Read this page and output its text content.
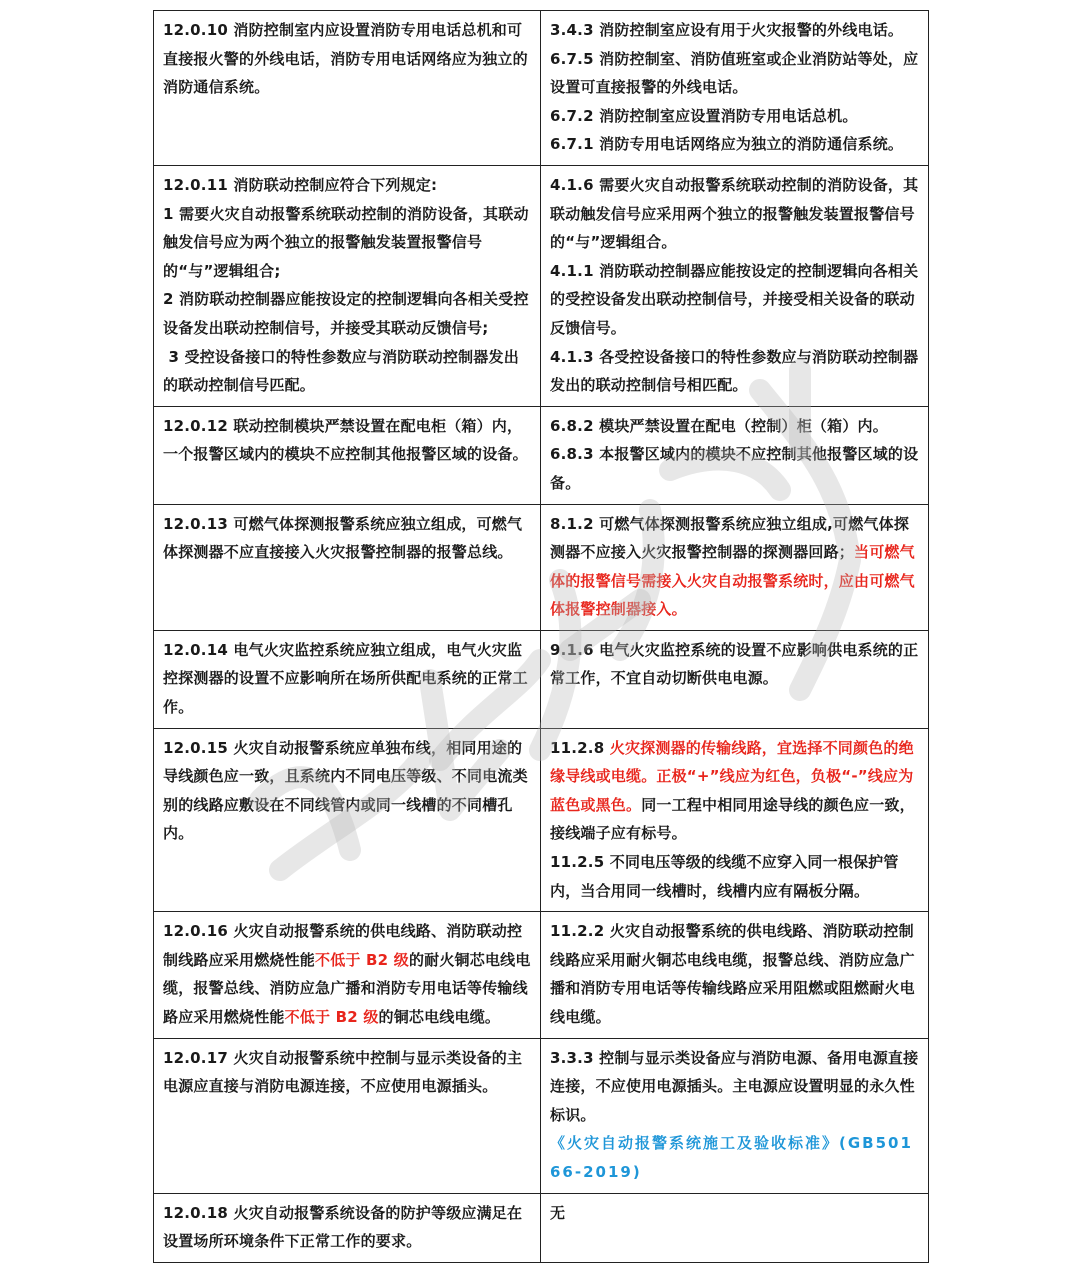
12.0.10 消防控制室内应设置消防专用电话总机和可直接报火警的外线电话，消防专用电话网络应为独立的消防通信系统。	3.4.3 消防控制室应设有用于火灾报警的外线电话。
6.7.5 消防控制室、消防值班室或企业消防站等处，应设置可直接报警的外线电话。
6.7.2 消防控制室应设置消防专用电话总机。
6.7.1 消防专用电话网络应为独立的消防通信系统。

12.0.11 消防联动控制应符合下列规定:
1 需要火灾自动报警系统联动控制的消防设备，其联动触发信号应为两个独立的报警触发装置报警信号的“与”逻辑组合;
2 消防联动控制器应能按设定的控制逻辑向各相关受控设备发出联动控制信号，并接受其联动反馈信号;
3 受控设备接口的特性参数应与消防联动控制器发出的联动控制信号匹配。	4.1.6 需要火灾自动报警系统联动控制的消防设备，其联动触发信号应采用两个独立的报警触发装置报警信号的“与”逻辑组合。
4.1.1 消防联动控制器应能按设定的控制逻辑向各相关的受控设备发出联动控制信号，并接受相关设备的联动反馈信号。
4.1.3 各受控设备接口的特性参数应与消防联动控制器发出的联动控制信号相匹配。

12.0.12 联动控制模块严禁设置在配电柜（箱）内，一个报警区域内的模块不应控制其他报警区域的设备。	6.8.2 模块严禁设置在配电（控制）柜（箱）内。
6.8.3 本报警区域内的模块不应控制其他报警区域的设备。

12.0.13 可燃气体探测报警系统应独立组成，可燃气体探测器不应直接接入火灾报警控制器的报警总线。	8.1.2 可燃气体探测报警系统应独立组成,可燃气体探测器不应接入火灾报警控制器的探测器回路；当可燃气体的报警信号需接入火灾自动报警系统时，应由可燃气体报警控制器接入。

12.0.14 电气火灾监控系统应独立组成，电气火灾监控探测器的设置不应影响所在场所供配电系统的正常工作。	9.1.6 电气火灾监控系统的设置不应影响供电系统的正常工作，不宜自动切断供电电源。

12.0.15 火灾自动报警系统应单独布线，相同用途的导线颜色应一致，且系统内不同电压等级、不同电流类别的线路应敷设在不同线管内或同一线槽的不同槽孔内。	11.2.8 火灾探测器的传输线路，宜选择不同颜色的绝缘导线或电缆。正极“+”线应为红色，负极“-”线应为蓝色或黑色。同一工程中相同用途导线的颜色应一致，接线端子应有标号。
11.2.5 不同电压等级的线缆不应穿入同一根保护管内，当合用同一线槽时，线槽内应有隔板分隔。

12.0.16 火灾自动报警系统的供电线路、消防联动控制线路应采用燃烧性能不低于 B2 级的耐火铜芯电线电缆，报警总线、消防应急广播和消防专用电话等传输线路应采用燃烧性能不低于 B2 级的铜芯电线电缆。	11.2.2 火灾自动报警系统的供电线路、消防联动控制线路应采用耐火铜芯电线电缆，报警总线、消防应急广播和消防专用电话等传输线路应采用阻燃或阻燃耐火电线电缆。

12.0.17 火灾自动报警系统中控制与显示类设备的主电源应直接与消防电源连接，不应使用电源插头。	3.3.3 控制与显示类设备应与消防电源、备用电源直接连接，不应使用电源插头。主电源应设置明显的永久性标识。
《火灾自动报警系统施工及验收标准》(GB50166-2019)

12.0.18 火灾自动报警系统设备的防护等级应满足在设置场所环境条件下正常工作的要求。	无
